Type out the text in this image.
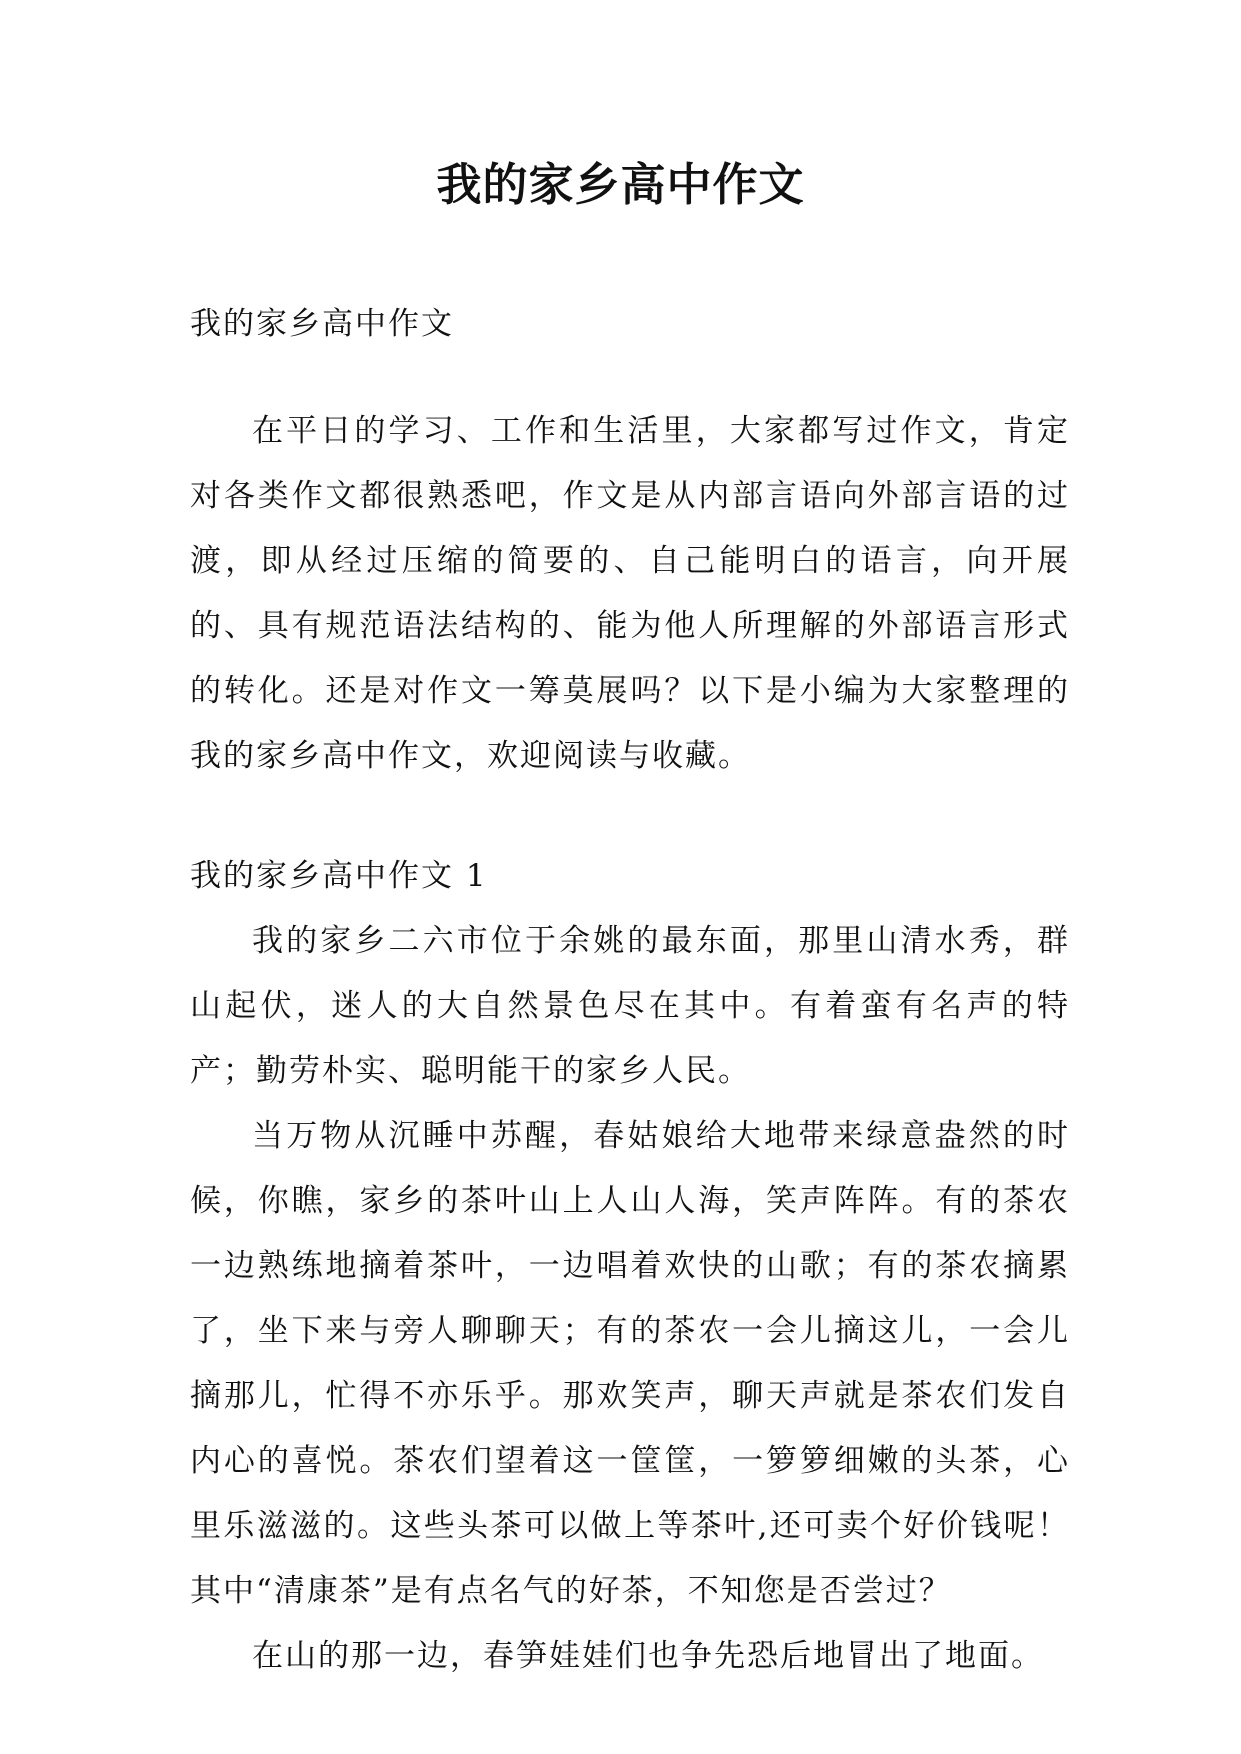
我的家乡高中作文

我的家乡高中作文

在平日的学习、工作和生活里，大家都写过作文，肯定对各类作文都很熟悉吧，作文是从内部言语向外部言语的过渡，即从经过压缩的简要的、自己能明白的语言，向开展的、具有规范语法结构的、能为他人所理解的外部语言形式的转化。还是对作文一筹莫展吗？以下是小编为大家整理的我的家乡高中作文，欢迎阅读与收藏。

我的家乡高中作文 1

我的家乡二六市位于余姚的最东面，那里山清水秀，群山起伏，迷人的大自然景色尽在其中。有着蛮有名声的特产；勤劳朴实、聪明能干的家乡人民。

当万物从沉睡中苏醒，春姑娘给大地带来绿意盎然的时候，你瞧，家乡的茶叶山上人山人海，笑声阵阵。有的茶农一边熟练地摘着茶叶，一边唱着欢快的山歌；有的茶农摘累了，坐下来与旁人聊聊天；有的茶农一会儿摘这儿，一会儿摘那儿，忙得不亦乐乎。那欢笑声，聊天声就是茶农们发自内心的喜悦。茶农们望着这一筐筐，一箩箩细嫩的头茶，心里乐滋滋的。这些头茶可以做上等茶叶,还可卖个好价钱呢！其中“清康茶”是有点名气的好茶，不知您是否尝过？

在山的那一边，春笋娃娃们也争先恐后地冒出了地面。
